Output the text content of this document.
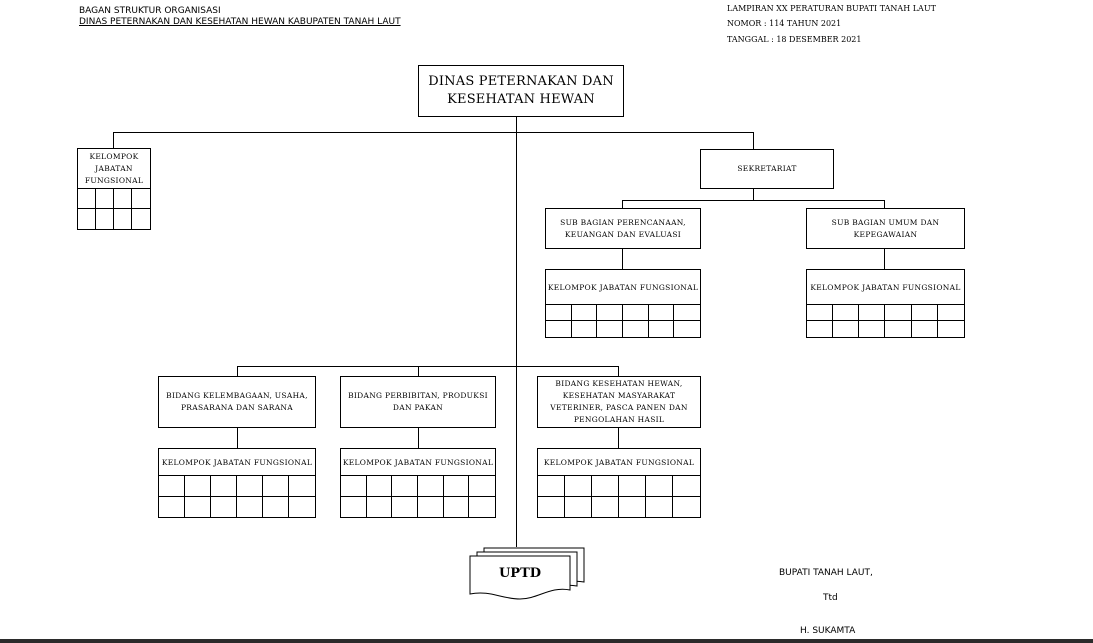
BAGAN STRUKTUR ORGANISASI
DINAS PETERNAKAN DAN KESEHATAN HEWAN KABUPATEN TANAH LAUT
LAMPIRAN XX PERATURAN BUPATI TANAH LAUT
NOMOR : 114 TAHUN 2021
TANGGAL : 18 DESEMBER 2021
DINAS PETERNAKAN DAN
KESEHATAN HEWAN
KELOMPOK
JABATAN
FUNGSIONAL
SEKRETARIAT
SUB BAGIAN PERENCANAAN,
KEUANGAN DAN EVALUASI
SUB BAGIAN UMUM DAN
KEPEGAWAIAN
KELOMPOK JABATAN FUNGSIONAL	KELOMPOK JABATAN FUNGSIONAL
BIDANG KELEMBAGAAN, USAHA,
PRASARANA DAN SARANA
BIDANG PERBIBITAN, PRODUKSI
DAN PAKAN
BIDANG KESEHATAN HEWAN,
KESEHATAN MASYARAKAT
VETERINER, PASCA PANEN DAN
PENGOLAHAN HASIL
KELOMPOK JABATAN FUNGSIONAL	KELOMPOK JABATAN FUNGSIONAL	KELOMPOK JABATAN FUNGSIONAL
UPTD	BUPATI TANAH LAUT,
Ttd
H. SUKAMTA
